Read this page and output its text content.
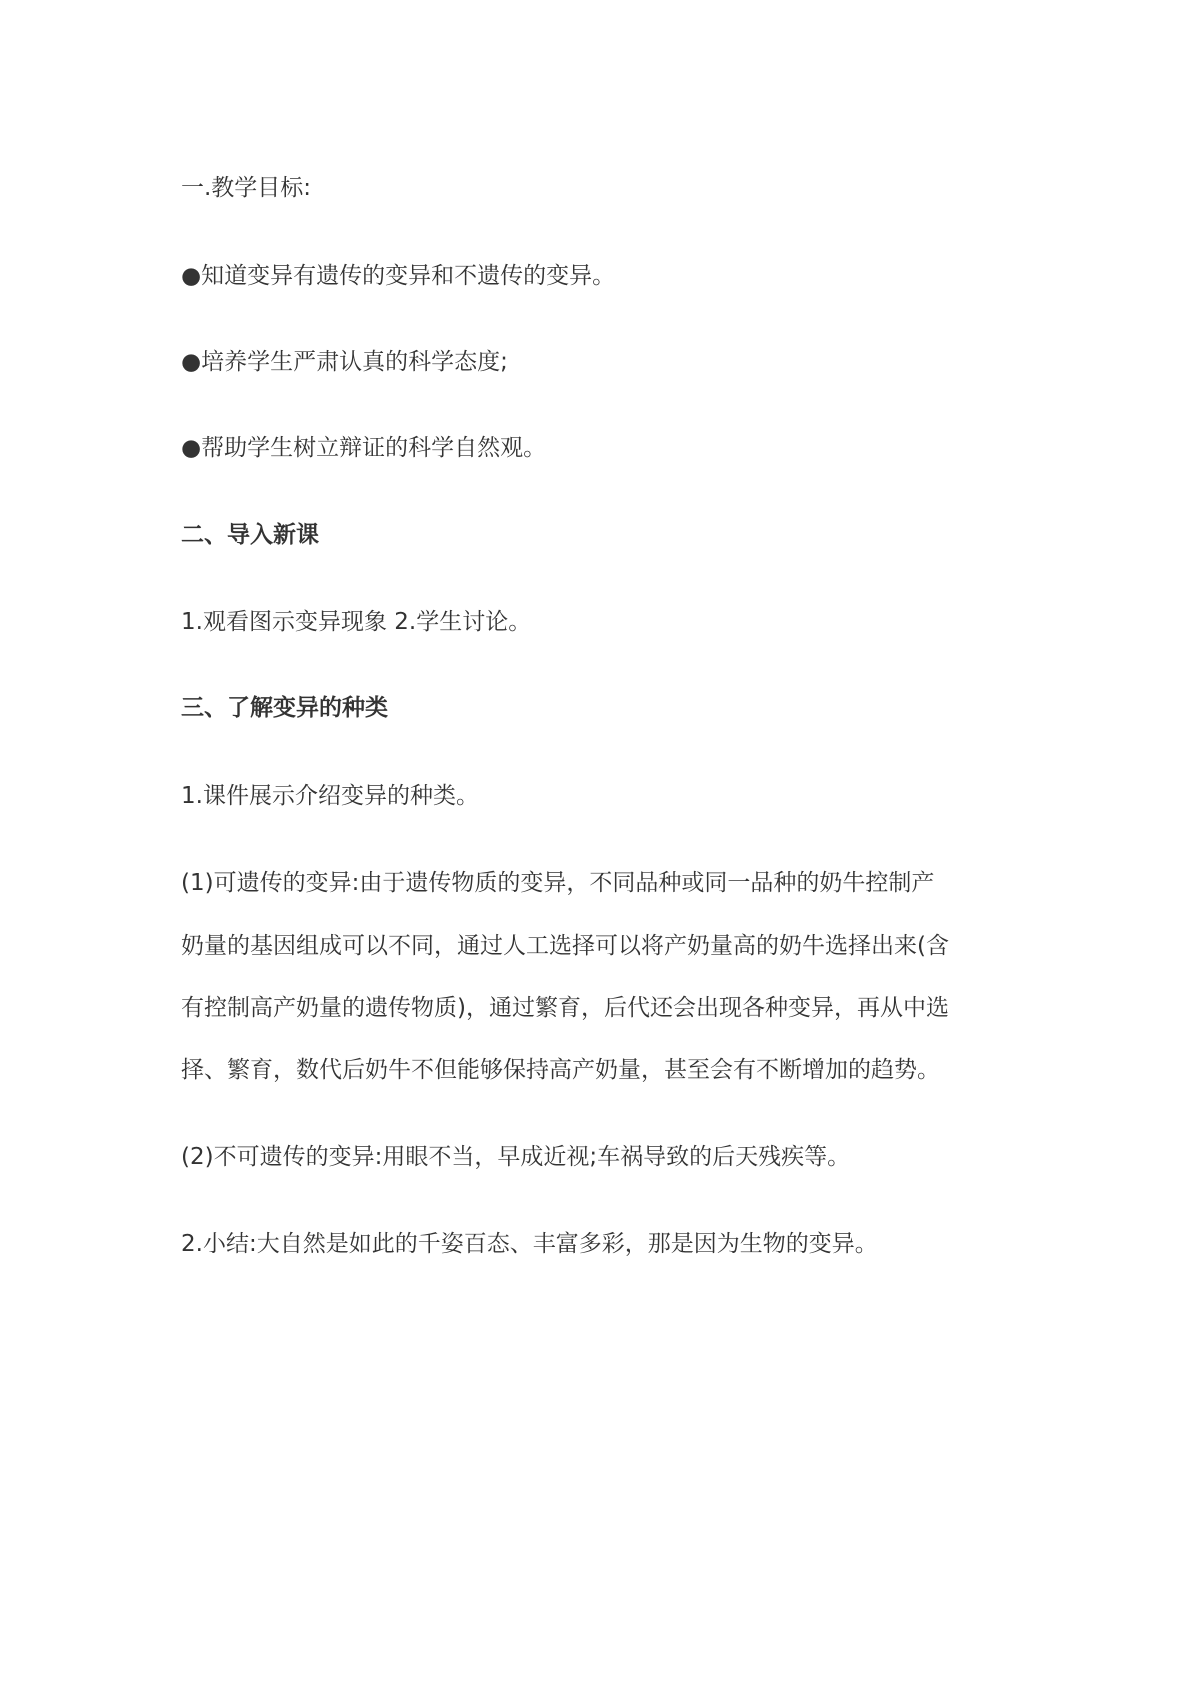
一.教学目标:

●知道变异有遗传的变异和不遗传的变异。

●培养学生严肃认真的科学态度;

●帮助学生树立辩证的科学自然观。

二、导入新课

1.观看图示变异现象 2.学生讨论。

三、了解变异的种类

1.课件展示介绍变异的种类。

(1)可遗传的变异:由于遗传物质的变异，不同品种或同一品种的奶牛控制产

奶量的基因组成可以不同，通过人工选择可以将产奶量高的奶牛选择出来(含

有控制高产奶量的遗传物质)，通过繁育，后代还会出现各种变异，再从中选

择、繁育，数代后奶牛不但能够保持高产奶量，甚至会有不断增加的趋势。

(2)不可遗传的变异:用眼不当，早成近视;车祸导致的后天残疾等。

2.小结:大自然是如此的千姿百态、丰富多彩，那是因为生物的变异。
